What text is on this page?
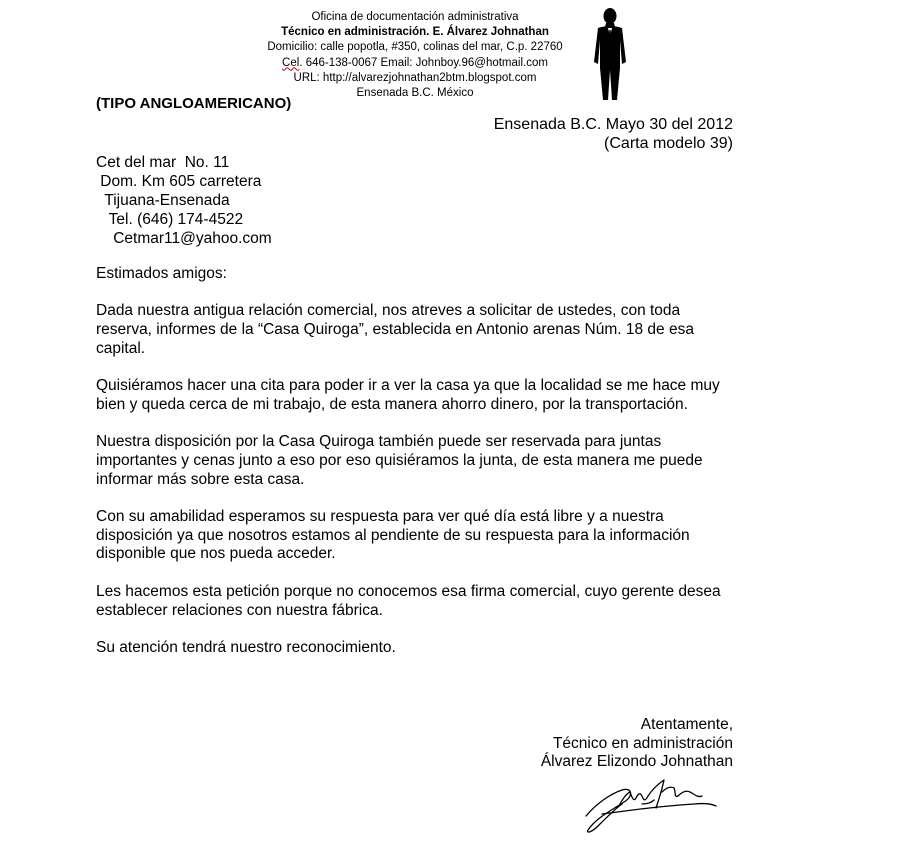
Oficina de documentación administrativa
Técnico en administración. E. Álvarez Johnathan
Domicilio: calle popotla, #350, colinas del mar, C.p. 22760
Cel. 646-138-0067 Email: Johnboy.96@hotmail.com
URL: http://alvarezjohnathan2btm.blogspot.com
Ensenada B.C. México
(TIPO ANGLOAMERICANO)
Ensenada B.C. Mayo 30 del 2012
(Carta modelo 39)
Cet del mar  No. 11
Dom. Km 605 carretera
Tijuana-Ensenada
Tel. (646) 174-4522
Cetmar11@yahoo.com

Estimados amigos:

Dada nuestra antigua relación comercial, nos atreves a solicitar de ustedes, con toda reserva, informes de la “Casa Quiroga”, establecida en Antonio arenas Núm. 18 de esa capital.

Quisiéramos hacer una cita para poder ir a ver la casa ya que la localidad se me hace muy bien y queda cerca de mi trabajo, de esta manera ahorro dinero, por la transportación.

Nuestra disposición por la Casa Quiroga también puede ser reservada para juntas importantes y cenas junto a eso por eso quisiéramos la junta, de esta manera me puede informar más sobre esta casa.

Con su amabilidad esperamos su respuesta para ver qué día está libre y a nuestra disposición ya que nosotros estamos al pendiente de su respuesta para la información disponible que nos pueda acceder.

Les hacemos esta petición porque no conocemos esa firma comercial, cuyo gerente desea establecer relaciones con nuestra fábrica.

Su atención tendrá nuestro reconocimiento.

Atentamente,
Técnico en administración
Álvarez Elizondo Johnathan
